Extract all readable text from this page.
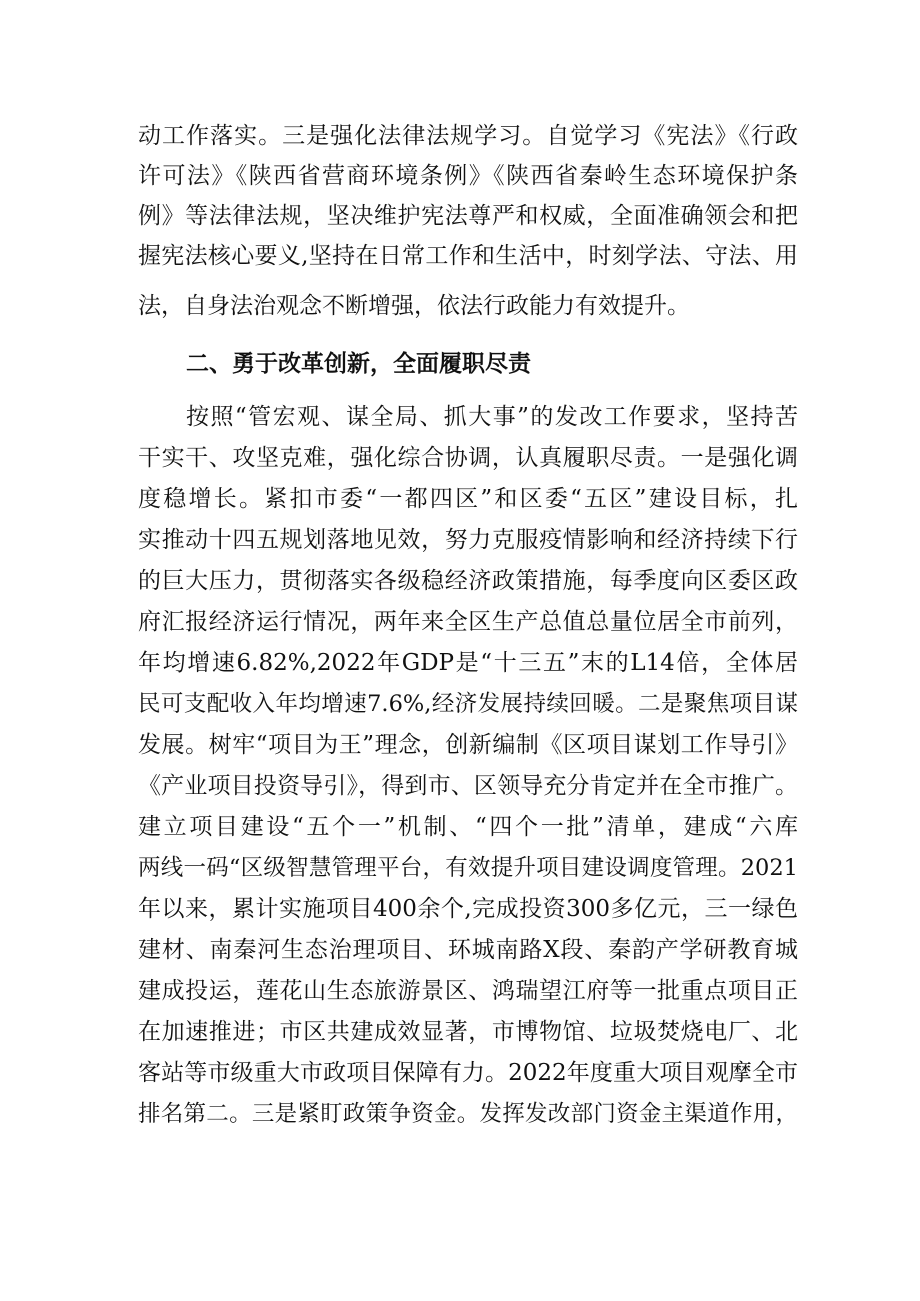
动工作落实。三是强化法律法规学习。自觉学习《宪法》《行政
许可法》《陕西省营商环境条例》《陕西省秦岭生态环境保护条
例》等法律法规，坚决维护宪法尊严和权威，全面准确领会和把
握宪法核心要义,坚持在日常工作和生活中，时刻学法、守法、用
法，自身法治观念不断增强，依法行政能力有效提升。
二、勇于改革创新，全面履职尽责
按照“管宏观、谋全局、抓大事”的发改工作要求，坚持苦
干实干、攻坚克难，强化综合协调，认真履职尽责。一是强化调
度稳增长。紧扣市委“一都四区”和区委“五区”建设目标，扎
实推动十四五规划落地见效，努力克服疫情影响和经济持续下行
的巨大压力，贯彻落实各级稳经济政策措施，每季度向区委区政
府汇报经济运行情况，两年来全区生产总值总量位居全市前列，
年均增速6.82%,2022年GDP是“十三五”末的L14倍，全体居
民可支配收入年均增速7.6%,经济发展持续回暖。二是聚焦项目谋
发展。树牢“项目为王”理念，创新编制《区项目谋划工作导引》
《产业项目投资导引》，得到市、区领导充分肯定并在全市推广。
建立项目建设“五个一”机制、“四个一批”清单，建成“六库
两线一码“区级智慧管理平台，有效提升项目建设调度管理。2021
年以来，累计实施项目400余个,完成投资300多亿元，三一绿色
建材、南秦河生态治理项目、环城南路X段、秦韵产学研教育城
建成投运，莲花山生态旅游景区、鸿瑞望江府等一批重点项目正
在加速推进；市区共建成效显著，市博物馆、垃圾焚烧电厂、北
客站等市级重大市政项目保障有力。2022年度重大项目观摩全市
排名第二。三是紧盯政策争资金。发挥发改部门资金主渠道作用，
